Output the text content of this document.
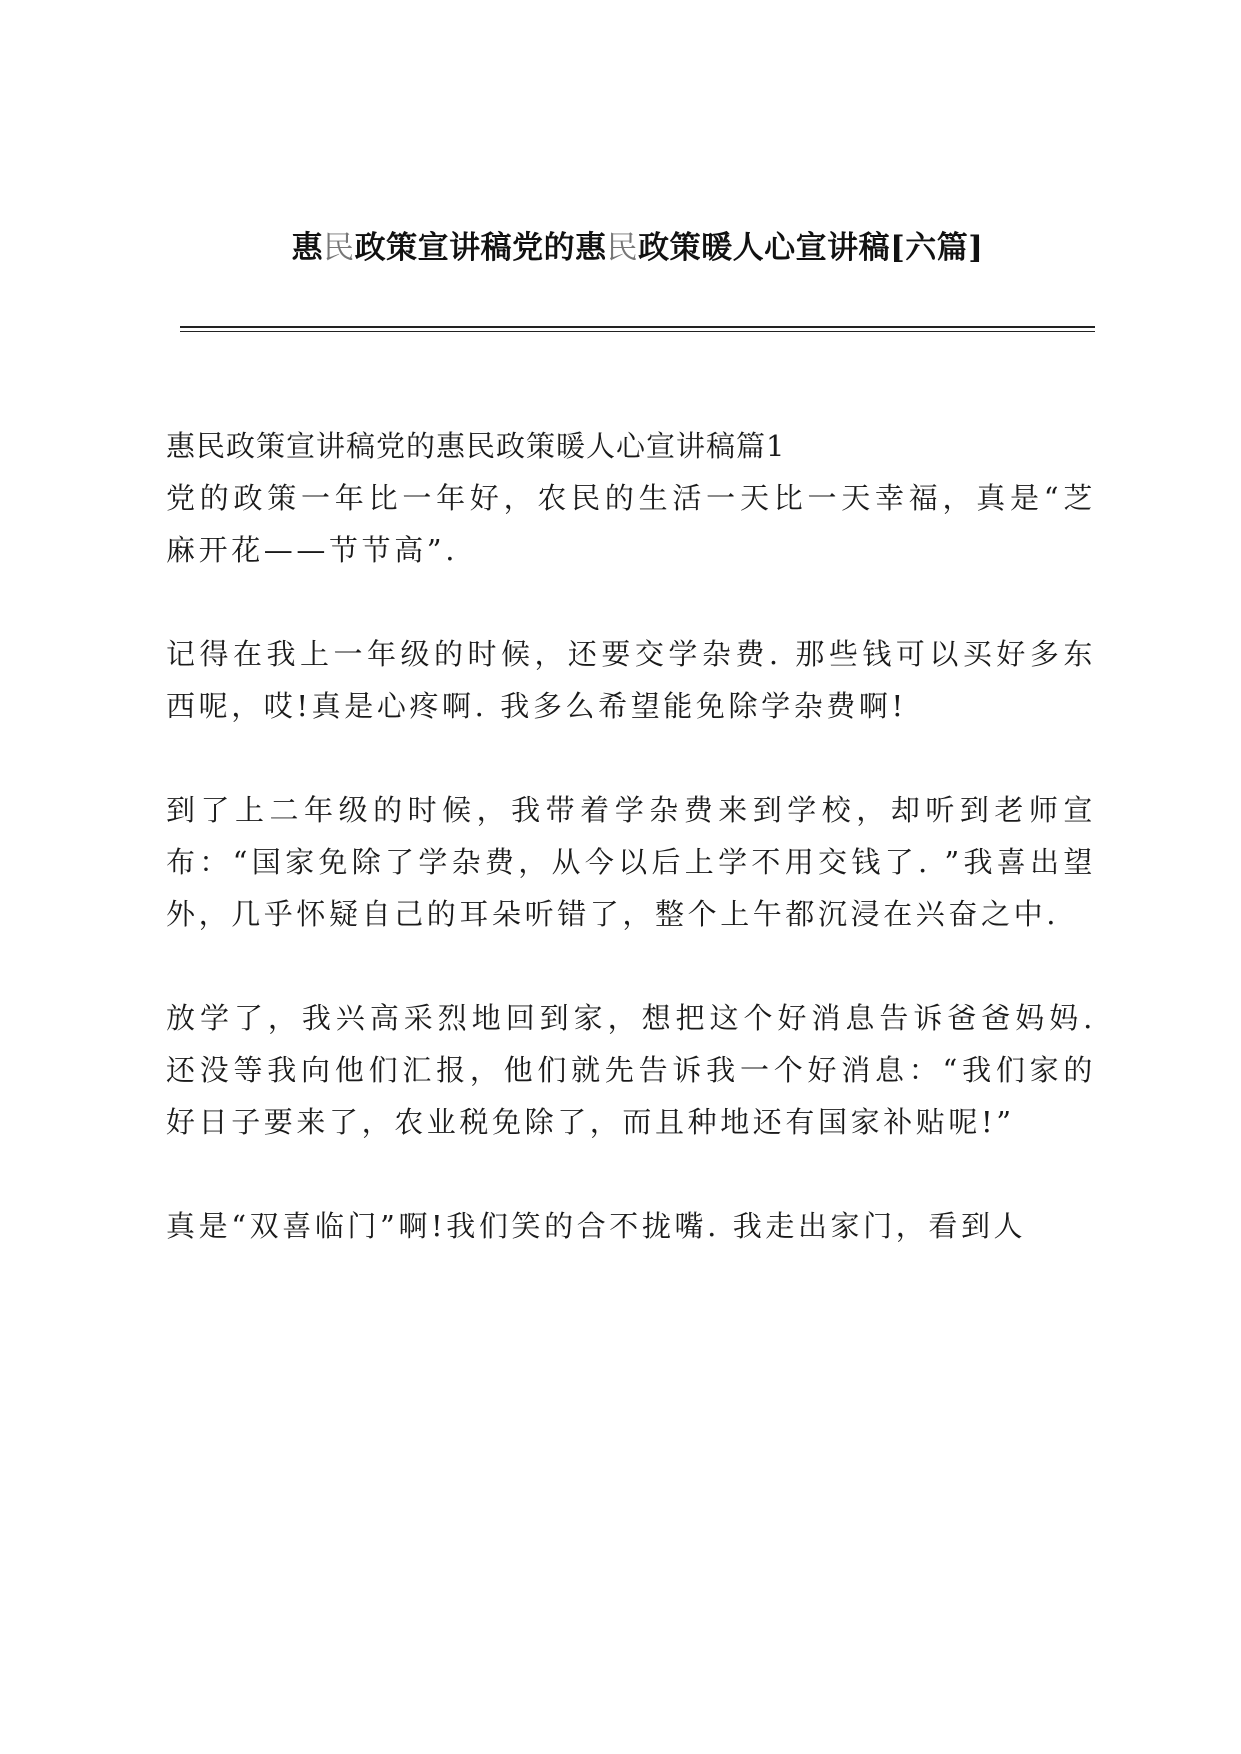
惠民政策宣讲稿党的惠民政策暖人心宣讲稿[六篇]

惠民政策宣讲稿党的惠民政策暖人心宣讲稿篇1

党的政策一年比一年好，农民的生活一天比一天幸福，真是“芝麻开花——节节高”.

记得在我上一年级的时候，还要交学杂费. 那些钱可以买好多东西呢，哎!真是心疼啊. 我多么希望能免除学杂费啊!

到了上二年级的时候，我带着学杂费来到学校，却听到老师宣布：“国家免除了学杂费，从今以后上学不用交钱了. ”我喜出望外，几乎怀疑自己的耳朵听错了，整个上午都沉浸在兴奋之中.

放学了，我兴高采烈地回到家，想把这个好消息告诉爸爸妈妈. 还没等我向他们汇报，他们就先告诉我一个好消息：“我们家的好日子要来了，农业税免除了，而且种地还有国家补贴呢!”

真是“双喜临门”啊!我们笑的合不拢嘴. 我走出家门，看到人
